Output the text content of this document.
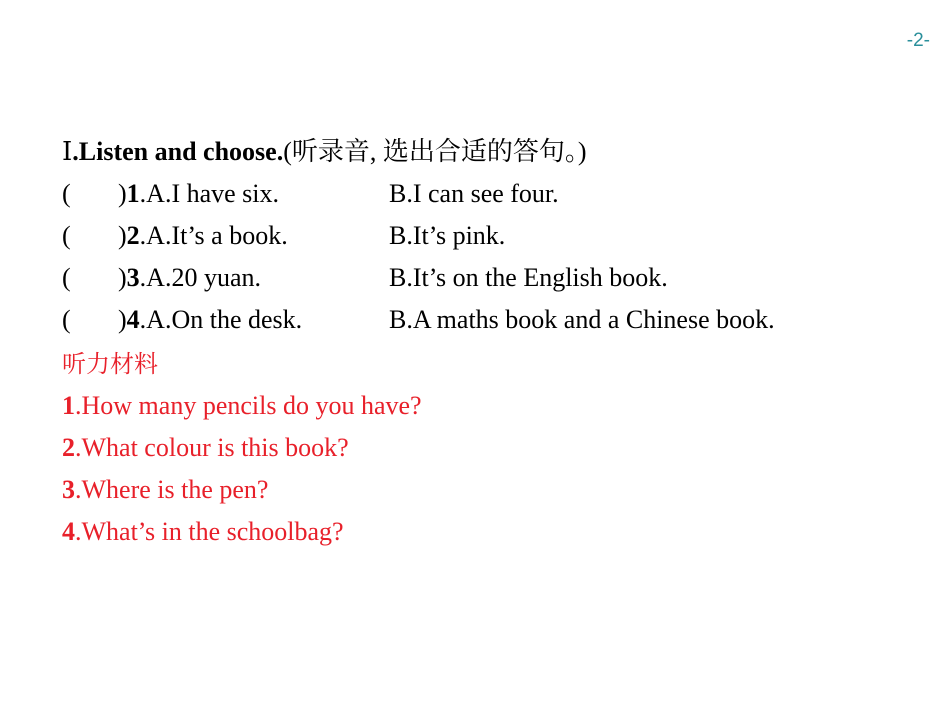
-2-
Ⅰ.Listen and choose.(听录音, 选出合适的答句。)
( )1.A.I have six.	B.I can see four.
( )2.A.It’s a book.	B.It’s pink.
( )3.A.20 yuan.	B.It’s on the English book.
( )4.A.On the desk.	B.A maths book and a Chinese book.
听力材料
1.How many pencils do you have?
2.What colour is this book?
3.Where is the pen?
4.What’s in the schoolbag?
